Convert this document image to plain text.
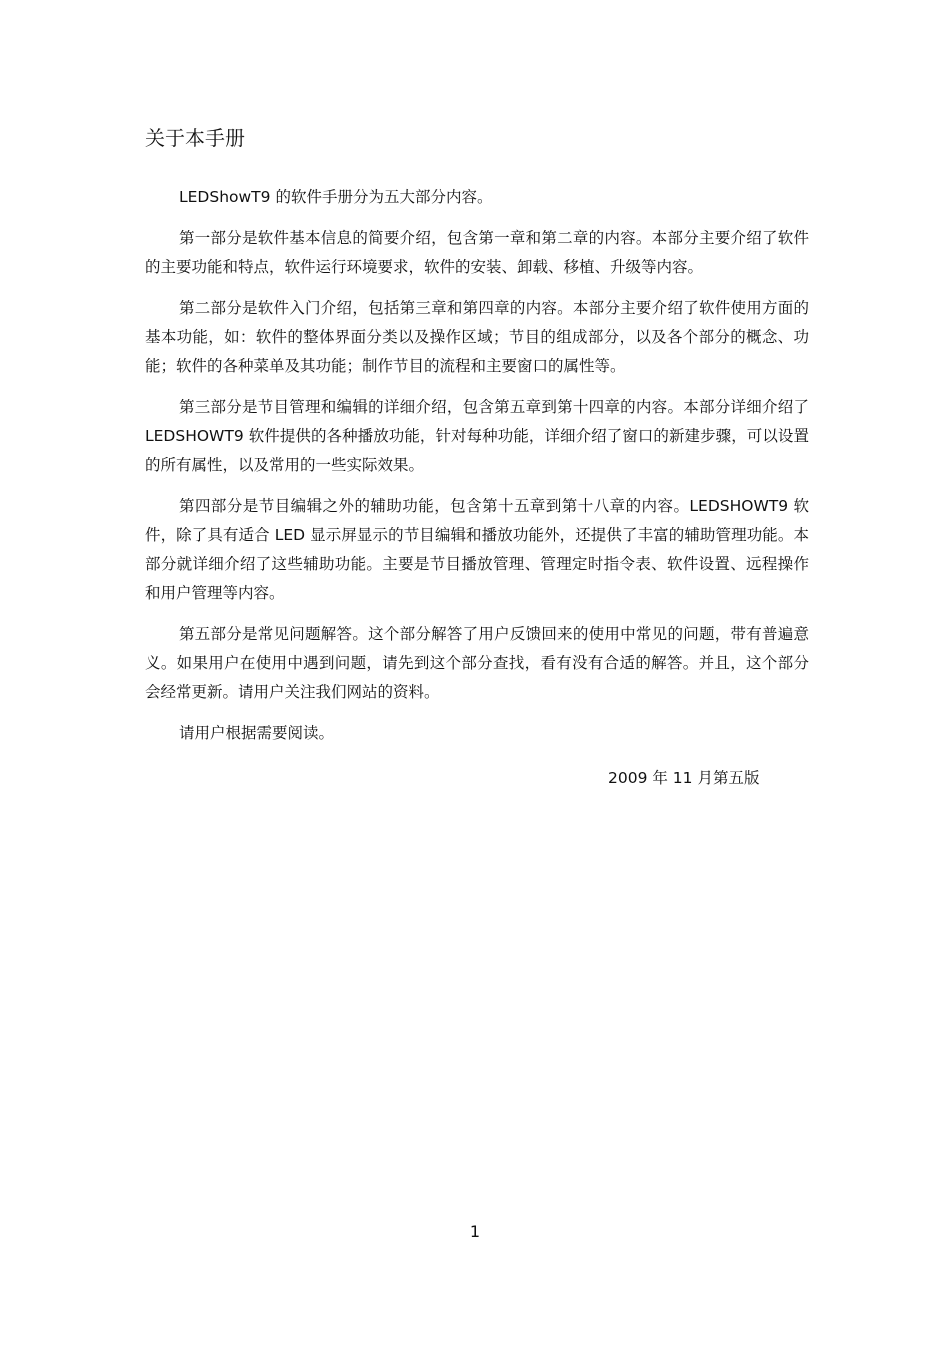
关于本手册

LEDShowT9 的软件手册分为五大部分内容。

第一部分是软件基本信息的简要介绍，包含第一章和第二章的内容。本部分主要介绍了软件的主要功能和特点，软件运行环境要求，软件的安装、卸载、移植、升级等内容。

第二部分是软件入门介绍，包括第三章和第四章的内容。本部分主要介绍了软件使用方面的基本功能，如：软件的整体界面分类以及操作区域；节目的组成部分，以及各个部分的概念、功能；软件的各种菜单及其功能；制作节目的流程和主要窗口的属性等。

第三部分是节目管理和编辑的详细介绍，包含第五章到第十四章的内容。本部分详细介绍了 LEDSHOWT9 软件提供的各种播放功能，针对每种功能，详细介绍了窗口的新建步骤，可以设置的所有属性，以及常用的一些实际效果。

第四部分是节目编辑之外的辅助功能，包含第十五章到第十八章的内容。LEDSHOWT9 软件，除了具有适合 LED 显示屏显示的节目编辑和播放功能外，还提供了丰富的辅助管理功能。本部分就详细介绍了这些辅助功能。主要是节目播放管理、管理定时指令表、软件设置、远程操作和用户管理等内容。

第五部分是常见问题解答。这个部分解答了用户反馈回来的使用中常见的问题，带有普遍意义。如果用户在使用中遇到问题，请先到这个部分查找，看有没有合适的解答。并且，这个部分会经常更新。请用户关注我们网站的资料。

请用户根据需要阅读。

2009 年 11 月第五版
1
